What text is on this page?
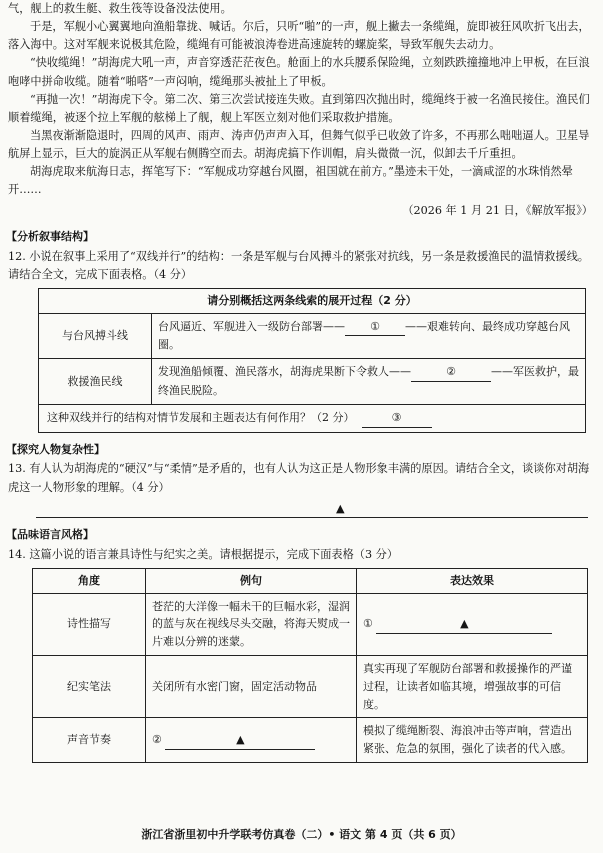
气，舰上的救生艇、救生筏等设备没法使用。

于是，军舰小心翼翼地向渔船靠拢、喊话。尔后，只听“啪”的一声，舰上撇去一条缆绳，旋即被狂风吹折飞出去，落入海中。这对军舰来说极其危险，缆绳有可能被浪涛卷进高速旋转的螺旋桨，导致军舰失去动力。

“快收缆绳！”胡海虎大吼一声，声音穿透茫茫夜色。舱面上的水兵腰系保险绳，立刻跌跌撞撞地冲上甲板，在巨浪咆哮中拼命收缆。随着“啪嗒”一声闷响，缆绳那头被扯上了甲板。

“再抛一次！”胡海虎下令。第二次、第三次尝试接连失败。直到第四次抛出时，缆绳终于被一名渔民接住。渔民们顺着缆绳，被逐个拉上军舰的舷梯上了舰，舰上军医立刻对他们采取救护措施。

当黑夜渐渐隐退时，四周的风声、雨声、涛声仍声声入耳，但舞气似乎已收敛了许多，不再那么咄咄逼人。卫星导航屏上显示，巨大的旋涡正从军舰右侧腾空而去。胡海虎搞下作训帽，肩头微微一沉，似卸去千斤重担。

胡海虎取来航海日志，挥笔写下：“军舰成功穿越台风圈，祖国就在前方。”墨迹未干处，一滴咸涩的水珠悄然晕开……

（2026 年 1 月 21 日，《解放军报》）

【分析叙事结构】

12. 小说在叙事上采用了“双线并行”的结构：一条是军舰与台风搏斗的紧张对抗线，另一条是救援渔民的温情救援线。请结合全文，完成下面表格。（4 分）

请分别概括这两条线索的展开过程（2 分）	
与台风搏斗线	台风逼近、军舰进入一级防台部署—— ① ——艰难转向、最终成功穿越台风圈。
救援渔民线	发现渔船倾覆、渔民落水，胡海虎果断下令救人—— ② ——军医救护，最终渔民脱险。
这种双线并行的结构对情节发展和主题表达有何作用？（2 分） ③	
【探究人物复杂性】

13. 有人认为胡海虎的“硬汉”与“柔情”是矛盾的，也有人认为这正是人物形象丰满的原因。请结合全文，谈谈你对胡海虎这一人物形象的理解。（4 分）

▲
【品味语言风格】

14. 这篇小说的语言兼具诗性与纪实之美。请根据提示，完成下面表格（3 分）

角度	例句	表达效果
诗性描写	苍茫的大洋像一幅未干的巨幅水彩，湿润的蓝与灰在视线尽头交融，将海天熨成一片难以分辨的迷蒙。	① ▲
纪实笔法	关闭所有水密门窗，固定活动物品	真实再现了军舰防台部署和救援操作的严谨过程，让读者如临其境，增强故事的可信度。
声音节奏	② ▲	模拟了缆绳断裂、海浪冲击等声响，营造出紧张、危急的氛围，强化了读者的代入感。
浙江省浙里初中升学联考仿真卷（二）• 语文 第 4 页（共 6 页）
